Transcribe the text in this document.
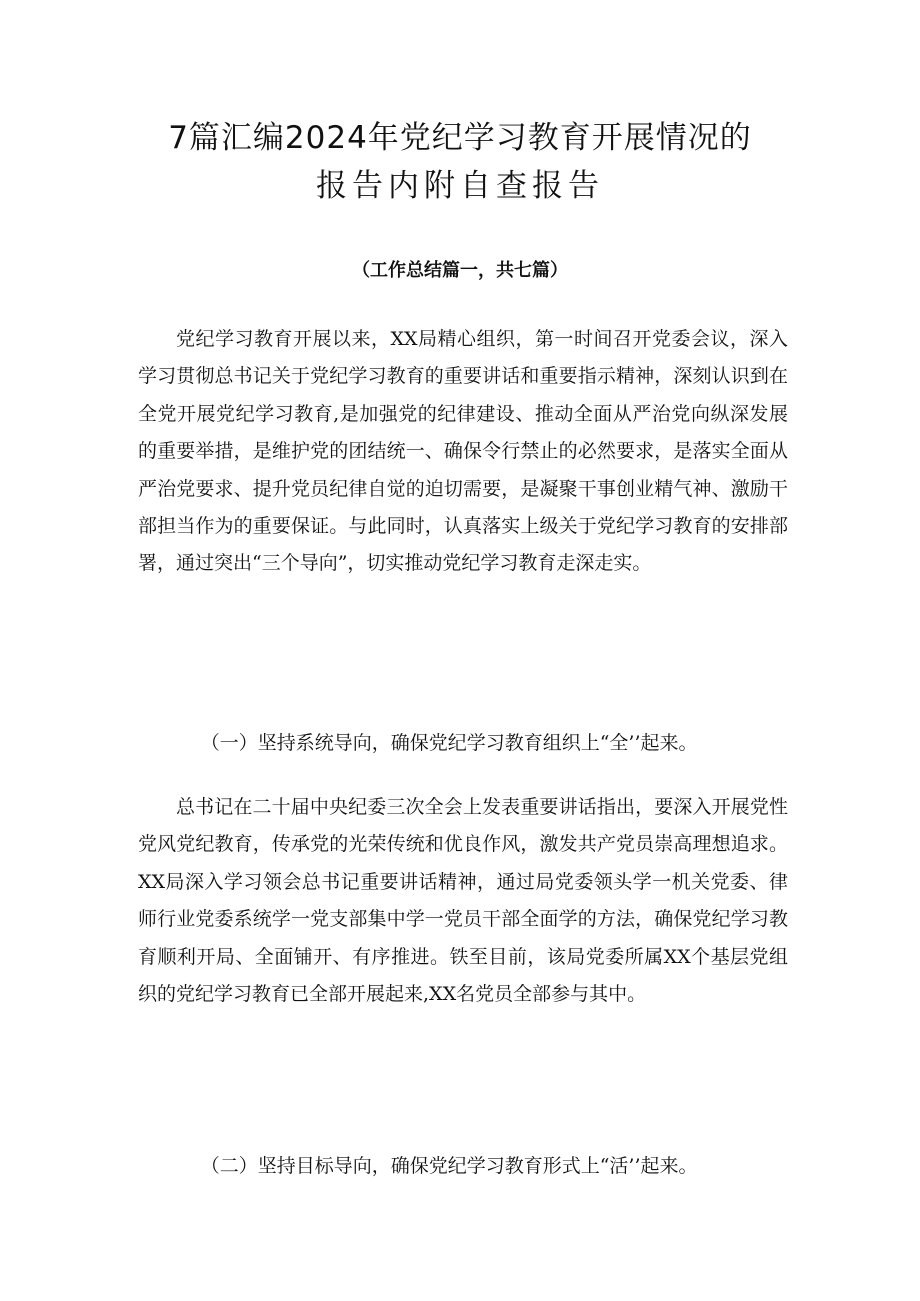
7篇汇编2024年党纪学习教育开展情况的
报告内附自查报告

（工作总结篇一，共七篇）

党纪学习教育开展以来，XX局精心组织，第一时间召开党委会议，深入学习贯彻总书记关于党纪学习教育的重要讲话和重要指示精神，深刻认识到在全党开展党纪学习教育,是加强党的纪律建设、推动全面从严治党向纵深发展的重要举措，是维护党的团结统一、确保令行禁止的必然要求，是落实全面从严治党要求、提升党员纪律自觉的迫切需要，是凝聚干事创业精气神、激励干部担当作为的重要保证。与此同时，认真落实上级关于党纪学习教育的安排部署，通过突出“三个导向”，切实推动党纪学习教育走深走实。

（一）坚持系统导向，确保党纪学习教育组织上“全’’起来。

总书记在二十届中央纪委三次全会上发表重要讲话指出，要深入开展党性党风党纪教育，传承党的光荣传统和优良作风，激发共产党员崇高理想追求。XX局深入学习领会总书记重要讲话精神，通过局党委领头学一机关党委、律师行业党委系统学一党支部集中学一党员干部全面学的方法，确保党纪学习教育顺利开局、全面铺开、有序推进。铁至目前，该局党委所属XX个基层党组织的党纪学习教育已全部开展起来,XX名党员全部参与其中。

（二）坚持目标导向，确保党纪学习教育形式上“活’’起来。
